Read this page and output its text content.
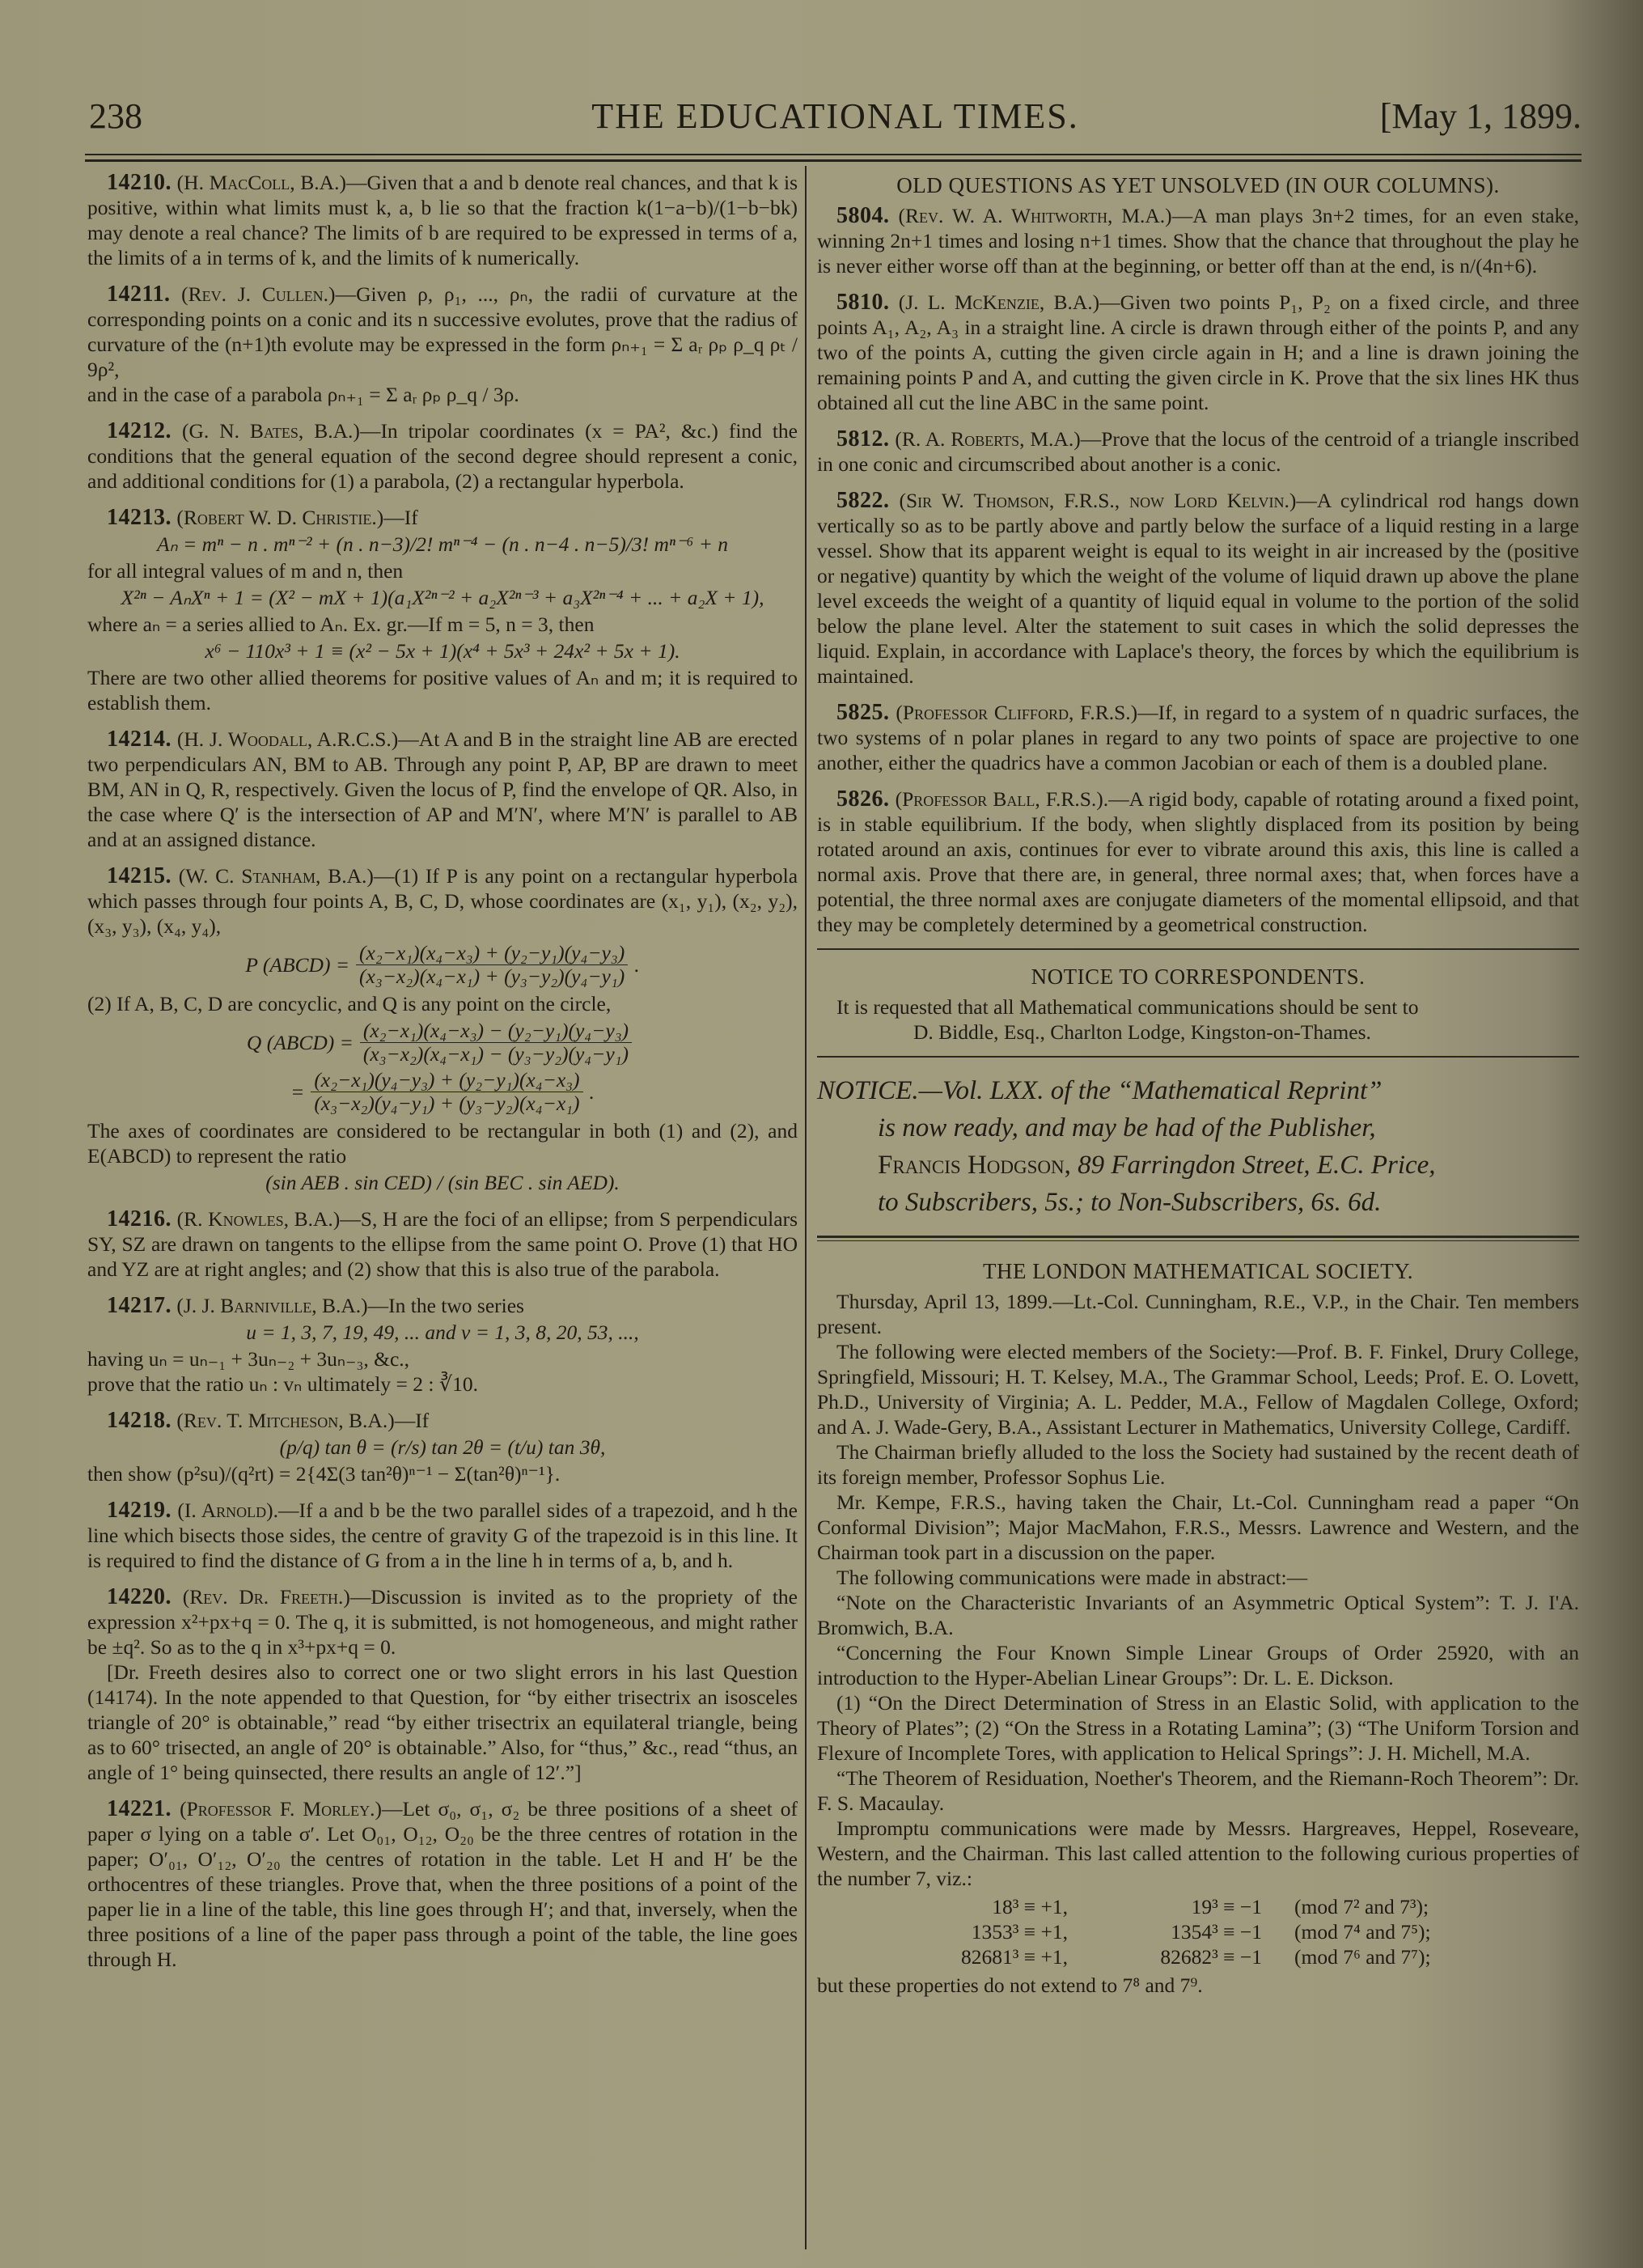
238	THE EDUCATIONAL TIMES.	[May 1, 1899.

14210. (H. MacColl, B.A.)—Given that a and b denote real chances, and that k is positive, within what limits must k, a, b lie so that the fraction k(1−a−b)/(1−b−bk) may denote a real chance? The limits of b are required to be expressed in terms of a, the limits of a in terms of k, and the limits of k numerically.

14211. (Rev. J. Cullen.)—Given ρ, ρ₁, ..., ρₙ, the radii of curvature at the corresponding points on a conic and its n successive evolutes, prove that the radius of curvature of the (n+1)th evolute may be expressed in the form ρₙ₊₁ = Σ aᵣ ρₚ ρ_q ρₜ / 9ρ²,

and in the case of a parabola ρₙ₊₁ = Σ aᵣ ρₚ ρ_q / 3ρ.

14212. (G. N. Bates, B.A.)—In tripolar coordinates (x = PA², &c.) find the conditions that the general equation of the second degree should represent a conic, and additional conditions for (1) a parabola, (2) a rectangular hyperbola.

14213. (Robert W. D. Christie.)—If

Aₙ = mⁿ − n . mⁿ⁻² + (n . n−3)/2! mⁿ⁻⁴ − (n . n−4 . n−5)/3! mⁿ⁻⁶ + n

for all integral values of m and n, then

X²ⁿ − AₙXⁿ + 1 = (X² − mX + 1)(a₁X²ⁿ⁻² + a₂X²ⁿ⁻³ + a₃X²ⁿ⁻⁴ + ... + a₂X + 1),

where aₙ = a series allied to Aₙ. Ex. gr.—If m = 5, n = 3, then

x⁶ − 110x³ + 1 ≡ (x² − 5x + 1)(x⁴ + 5x³ + 24x² + 5x + 1).

There are two other allied theorems for positive values of Aₙ and m; it is required to establish them.

14214. (H. J. Woodall, A.R.C.S.)—At A and B in the straight line AB are erected two perpendiculars AN, BM to AB. Through any point P, AP, BP are drawn to meet BM, AN in Q, R, respectively. Given the locus of P, find the envelope of QR. Also, in the case where Q′ is the intersection of AP and M′N′, where M′N′ is parallel to AB and at an assigned distance.

14215. (W. C. Stanham, B.A.)—(1) If P is any point on a rectangular hyperbola which passes through four points A, B, C, D, whose coordinates are (x₁, y₁), (x₂, y₂), (x₃, y₃), (x₄, y₄),

P (ABCD) = $\frac{\text{(x₂−x₁)(x₄−x₃) + (y₂−y₁)(y₄−y₃)}}{\text{(x₃−x₂)(x₄−x₁) + (y₃−y₂)(y₄−y₁)}}$ .

(2) If A, B, C, D are concyclic, and Q is any point on the circle,

Q (ABCD) = $\frac{\text{(x₂−x₁)(x₄−x₃) − (y₂−y₁)(y₄−y₃)}}{\text{(x₃−x₂)(x₄−x₁) − (y₃−y₂)(y₄−y₁)}}$
= $\frac{\text{(x₂−x₁)(y₄−y₃) + (y₂−y₁)(x₄−x₃)}}{\text{(x₃−x₂)(y₄−y₁) + (y₃−y₂)(x₄−x₁)}}$ .

The axes of coordinates are considered to be rectangular in both (1) and (2), and E(ABCD) to represent the ratio

(sin AEB . sin CED) / (sin BEC . sin AED).

14216. (R. Knowles, B.A.)—S, H are the foci of an ellipse; from S perpendiculars SY, SZ are drawn on tangents to the ellipse from the same point O. Prove (1) that HO and YZ are at right angles; and (2) show that this is also true of the parabola.

14217. (J. J. Barniville, B.A.)—In the two series

u = 1, 3, 7, 19, 49, ... and v = 1, 3, 8, 20, 53, ...,

having uₙ = uₙ₋₁ + 3uₙ₋₂ + 3uₙ₋₃, &c.,

prove that the ratio uₙ : vₙ ultimately = 2 : ∛10.

14218. (Rev. T. Mitcheson, B.A.)—If

(p/q) tan θ = (r/s) tan 2θ = (t/u) tan 3θ,

then show (p²su)/(q²rt) = 2{4Σ(3 tan²θ)ⁿ⁻¹ − Σ(tan²θ)ⁿ⁻¹}.

14219. (I. Arnold).—If a and b be the two parallel sides of a trapezoid, and h the line which bisects those sides, the centre of gravity G of the trapezoid is in this line. It is required to find the distance of G from a in the line h in terms of a, b, and h.

14220. (Rev. Dr. Freeth.)—Discussion is invited as to the propriety of the expression x²+px+q = 0. The q, it is submitted, is not homogeneous, and might rather be ±q². So as to the q in x³+px+q = 0.

[Dr. Freeth desires also to correct one or two slight errors in his last Question (14174). In the note appended to that Question, for “by either trisectrix an isosceles triangle of 20° is obtainable,” read “by either trisectrix an equilateral triangle, being as to 60° trisected, an angle of 20° is obtainable.” Also, for “thus,” &c., read “thus, an angle of 1° being quinsected, there results an angle of 12′.”]

14221. (Professor F. Morley.)—Let σ₀, σ₁, σ₂ be three positions of a sheet of paper σ lying on a table σ′. Let O₀₁, O₁₂, O₂₀ be the three centres of rotation in the paper; O′₀₁, O′₁₂, O′₂₀ the centres of rotation in the table. Let H and H′ be the orthocentres of these triangles. Prove that, when the three positions of a point of the paper lie in a line of the table, this line goes through H′; and that, inversely, when the three positions of a line of the paper pass through a point of the table, the line goes through H.

OLD QUESTIONS AS YET UNSOLVED (IN OUR COLUMNS).

5804. (Rev. W. A. Whitworth, M.A.)—A man plays 3n+2 times, for an even stake, winning 2n+1 times and losing n+1 times. Show that the chance that throughout the play he is never either worse off than at the beginning, or better off than at the end, is n/(4n+6).

5810. (J. L. McKenzie, B.A.)—Given two points P₁, P₂ on a fixed circle, and three points A₁, A₂, A₃ in a straight line. A circle is drawn through either of the points P, and any two of the points A, cutting the given circle again in H; and a line is drawn joining the remaining points P and A, and cutting the given circle in K. Prove that the six lines HK thus obtained all cut the line ABC in the same point.

5812. (R. A. Roberts, M.A.)—Prove that the locus of the centroid of a triangle inscribed in one conic and circumscribed about another is a conic.

5822. (Sir W. Thomson, F.R.S., now Lord Kelvin.)—A cylindrical rod hangs down vertically so as to be partly above and partly below the surface of a liquid resting in a large vessel. Show that its apparent weight is equal to its weight in air increased by the (positive or negative) quantity by which the weight of the volume of liquid drawn up above the plane level exceeds the weight of a quantity of liquid equal in volume to the portion of the solid below the plane level. Alter the statement to suit cases in which the solid depresses the liquid. Explain, in accordance with Laplace's theory, the forces by which the equilibrium is maintained.

5825. (Professor Clifford, F.R.S.)—If, in regard to a system of n quadric surfaces, the two systems of n polar planes in regard to any two points of space are projective to one another, either the quadrics have a common Jacobian or each of them is a doubled plane.

5826. (Professor Ball, F.R.S.).—A rigid body, capable of rotating around a fixed point, is in stable equilibrium. If the body, when slightly displaced from its position by being rotated around an axis, continues for ever to vibrate around this axis, this line is called a normal axis. Prove that there are, in general, three normal axes; that, when forces have a potential, the three normal axes are conjugate diameters of the momental ellipsoid, and that they may be completely determined by a geometrical construction.

NOTICE TO CORRESPONDENTS.

It is requested that all Mathematical communications should be sent to

D. Biddle, Esq., Charlton Lodge, Kingston-on-Thames.

NOTICE.—Vol. LXX. of the “Mathematical Reprint”
is now ready, and may be had of the Publisher,
Francis Hodgson, 89 Farringdon Street, E.C. Price,
to Subscribers, 5s.; to Non-Subscribers, 6s. 6d.
THE LONDON MATHEMATICAL SOCIETY.

Thursday, April 13, 1899.—Lt.-Col. Cunningham, R.E., V.P., in the Chair. Ten members present.

The following were elected members of the Society:—Prof. B. F. Finkel, Drury College, Springfield, Missouri; H. T. Kelsey, M.A., The Grammar School, Leeds; Prof. E. O. Lovett, Ph.D., University of Virginia; A. L. Pedder, M.A., Fellow of Magdalen College, Oxford; and A. J. Wade-Gery, B.A., Assistant Lecturer in Mathematics, University College, Cardiff.

The Chairman briefly alluded to the loss the Society had sustained by the recent death of its foreign member, Professor Sophus Lie.

Mr. Kempe, F.R.S., having taken the Chair, Lt.-Col. Cunningham read a paper “On Conformal Division”; Major MacMahon, F.R.S., Messrs. Lawrence and Western, and the Chairman took part in a discussion on the paper.

The following communications were made in abstract:—

“Note on the Characteristic Invariants of an Asymmetric Optical System”: T. J. I'A. Bromwich, B.A.

“Concerning the Four Known Simple Linear Groups of Order 25920, with an introduction to the Hyper-Abelian Linear Groups”: Dr. L. E. Dickson.

(1) “On the Direct Determination of Stress in an Elastic Solid, with application to the Theory of Plates”; (2) “On the Stress in a Rotating Lamina”; (3) “The Uniform Torsion and Flexure of Incomplete Tores, with application to Helical Springs”: J. H. Michell, M.A.

“The Theorem of Residuation, Noether's Theorem, and the Riemann-Roch Theorem”: Dr. F. S. Macaulay.

Impromptu communications were made by Messrs. Hargreaves, Heppel, Roseveare, Western, and the Chairman. This last called attention to the following curious properties of the number 7, viz.:

18³ ≡ +1,	19³ ≡ −1	(mod 7² and 7³);
1353³ ≡ +1,	1354³ ≡ −1	(mod 7⁴ and 7⁵);
82681³ ≡ +1,	82682³ ≡ −1	(mod 7⁶ and 7⁷);

but these properties do not extend to 7⁸ and 7⁹.
